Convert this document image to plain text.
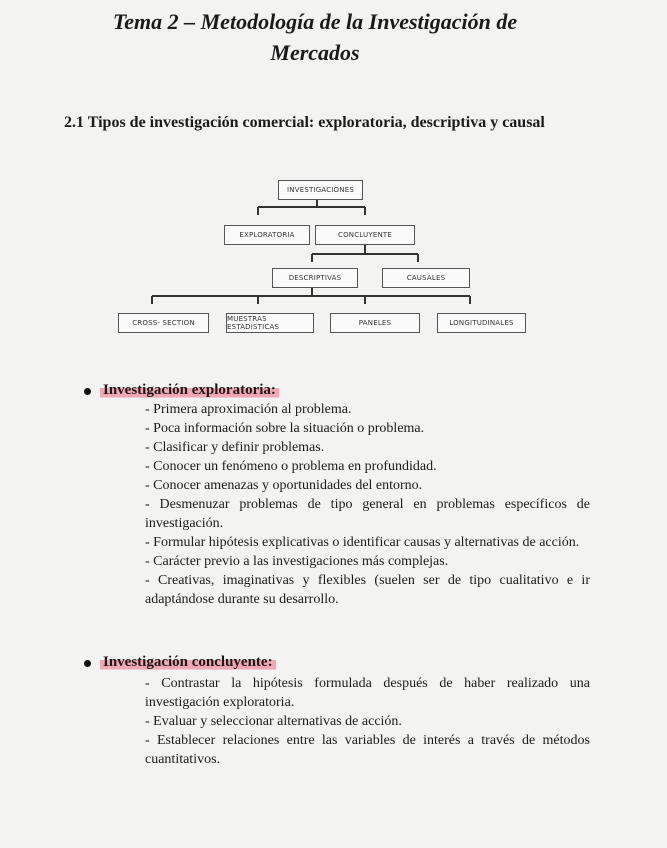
Tema 2 – Metodología de la Investigación de
Mercados
2.1 Tipos de investigación comercial: exploratoria, descriptiva y causal
INVESTIGACIONES
EXPLORATORIA	CONCLUYENTE
DESCRIPTIVAS	CAUSALES
CROSS- SECTION	MUESTRAS ESTADÍSTICAS	PANELES	LONGITUDINALES
Investigación exploratoria:
- Primera aproximación al problema.
- Poca información sobre la situación o problema.
- Clasificar y definir problemas.
- Conocer un fenómeno o problema en profundidad.
- Conocer amenazas y oportunidades del entorno.
- Desmenuzar problemas de tipo general en problemas específicos de investigación.
- Formular hipótesis explicativas o identificar causas y alternativas de acción.
- Carácter previo a las investigaciones más complejas.
- Creativas, imaginativas y flexibles (suelen ser de tipo cualitativo e ir adaptándose durante su desarrollo.
Investigación concluyente:
- Contrastar la hipótesis formulada después de haber realizado una investigación exploratoria.
- Evaluar y seleccionar alternativas de acción.
- Establecer relaciones entre las variables de interés a través de métodos cuantitativos.
